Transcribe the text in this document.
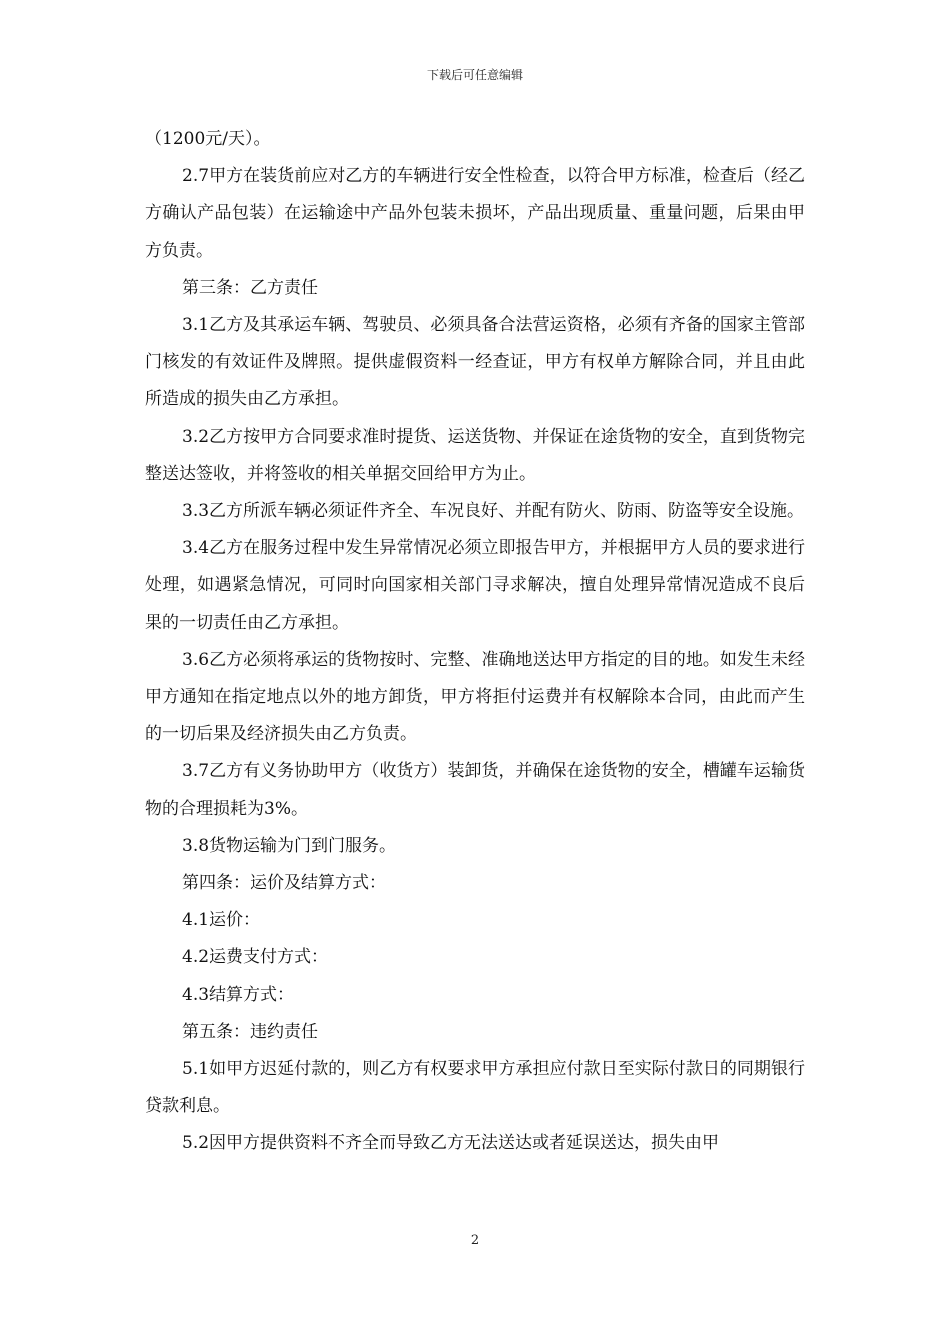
下载后可任意编辑

（1200元/天）。

2.7甲方在装货前应对乙方的车辆进行安全性检查，以符合甲方标准，检查后（经乙方确认产品包装）在运输途中产品外包装未损坏，产品出现质量、重量问题，后果由甲方负责。

第三条：乙方责任

3.1乙方及其承运车辆、驾驶员、必须具备合法营运资格，必须有齐备的国家主管部门核发的有效证件及牌照。提供虚假资料一经查证，甲方有权单方解除合同，并且由此所造成的损失由乙方承担。

3.2乙方按甲方合同要求准时提货、运送货物、并保证在途货物的安全，直到货物完整送达签收，并将签收的相关单据交回给甲方为止。

3.3乙方所派车辆必须证件齐全、车况良好、并配有防火、防雨、防盗等安全设施。

3.4乙方在服务过程中发生异常情况必须立即报告甲方，并根据甲方人员的要求进行处理，如遇紧急情况，可同时向国家相关部门寻求解决，擅自处理异常情况造成不良后果的一切责任由乙方承担。

3.6乙方必须将承运的货物按时、完整、准确地送达甲方指定的目的地。如发生未经甲方通知在指定地点以外的地方卸货，甲方将拒付运费并有权解除本合同，由此而产生的一切后果及经济损失由乙方负责。

3.7乙方有义务协助甲方（收货方）装卸货，并确保在途货物的安全，槽罐车运输货物的合理损耗为3%。

3.8货物运输为门到门服务。

第四条：运价及结算方式：

4.1运价：

4.2运费支付方式：

4.3结算方式：

第五条：违约责任

5.1如甲方迟延付款的，则乙方有权要求甲方承担应付款日至实际付款日的同期银行贷款利息。

5.2因甲方提供资料不齐全而导致乙方无法送达或者延误送达，损失由甲

2
